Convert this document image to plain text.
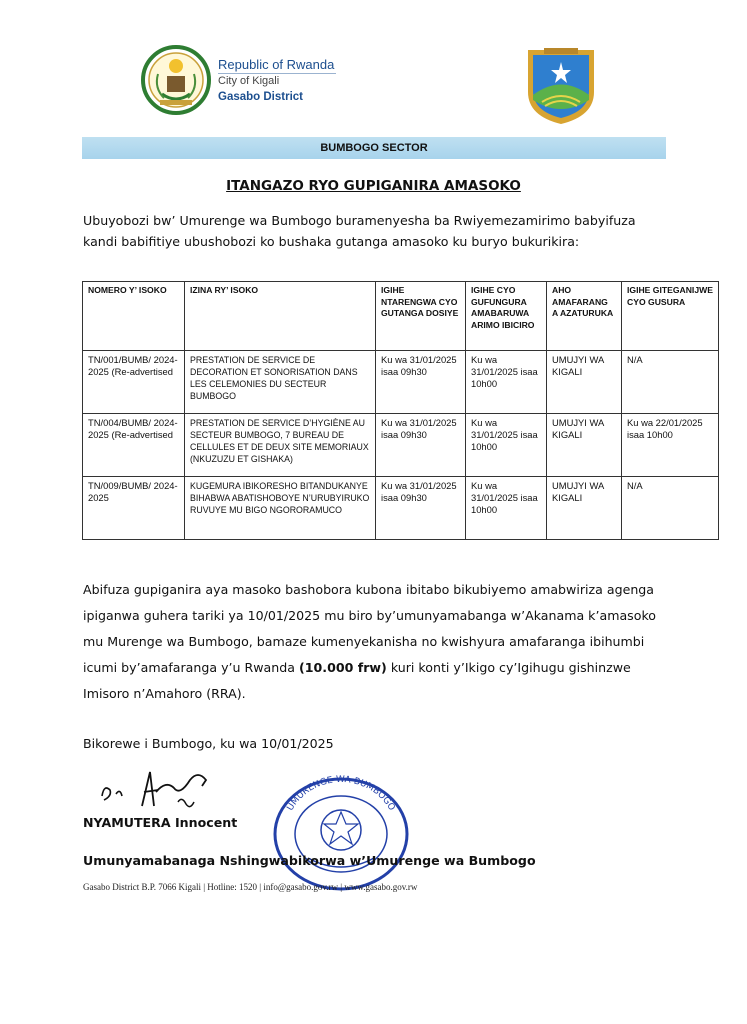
Republic of Rwanda
City of Kigali
Gasabo District
BUMBOGO SECTOR
ITANGAZO RYO GUPIGANIRA AMASOKO
Ubuyobozi bw’ Umurenge wa Bumbogo buramenyesha ba Rwiyemezamirimo babyifuza kandi babifitiye ubushobozi ko bushaka gutanga amasoko ku buryo bukurikira:
NOMERO Y’ ISOKO	IZINA RY’ ISOKO	IGIHE NTARENGWA CYO GUTANGA DOSIYE	IGIHE CYO GUFUNGURA AMABARUWA ARIMO IBICIRO	AHO AMAFARANG A AZATURUKA	IGIHE GITEGANIJWE CYO GUSURA
TN/001/BUMB/ 2024-2025 (Re-advertised	PRESTATION DE SERVICE DE DECORATION ET SONORISATION DANS LES CELEMONIES DU SECTEUR BUMBOGO	Ku wa 31/01/2025 isaa 09h30	Ku wa 31/01/2025 isaa 10h00	UMUJYI WA KIGALI	N/A
TN/004/BUMB/ 2024-2025 (Re-advertised	PRESTATION DE SERVICE D’HYGIÈNE AU SECTEUR BUMBOGO, 7 BUREAU DE CELLULES ET DE DEUX SITE MEMORIAUX (NKUZUZU ET GISHAKA)	Ku wa 31/01/2025 isaa 09h30	Ku wa 31/01/2025 isaa 10h00	UMUJYI WA KIGALI	Ku wa 22/01/2025 isaa 10h00
TN/009/BUMB/ 2024-2025	KUGEMURA IBIKORESHO BITANDUKANYE BIHABWA ABATISHOBOYE N’URUBYIRUKO RUVUYE MU BIGO NGORORAMUCO	Ku wa 31/01/2025 isaa 09h30	Ku wa 31/01/2025 isaa 10h00	UMUJYI WA KIGALI	N/A
Abifuza gupiganira aya masoko bashobora kubona ibitabo bikubiyemo amabwiriza agenga ipiganwa guhera tariki ya 10/01/2025 mu biro by’umunyamabanga w’Akanama k’amasoko mu Murenge wa Bumbogo, bamaze kumenyekanisha no kwishyura amafaranga ibihumbi icumi by’amafaranga y’u Rwanda (10.000 frw) kuri konti y’Ikigo cy’Igihugu gishinzwe Imisoro n’Amahoro (RRA).
Bikorewe i Bumbogo, ku wa 10/01/2025
NYAMUTERA Innocent
UMURENGE WA BUMBOGO
Umunyamabanaga Nshingwabikorwa w’Umurenge wa Bumbogo
Gasabo District B.P. 7066 Kigali | Hotline: 1520 | info@gasabo.gov.rw | www.gasabo.gov.rw
